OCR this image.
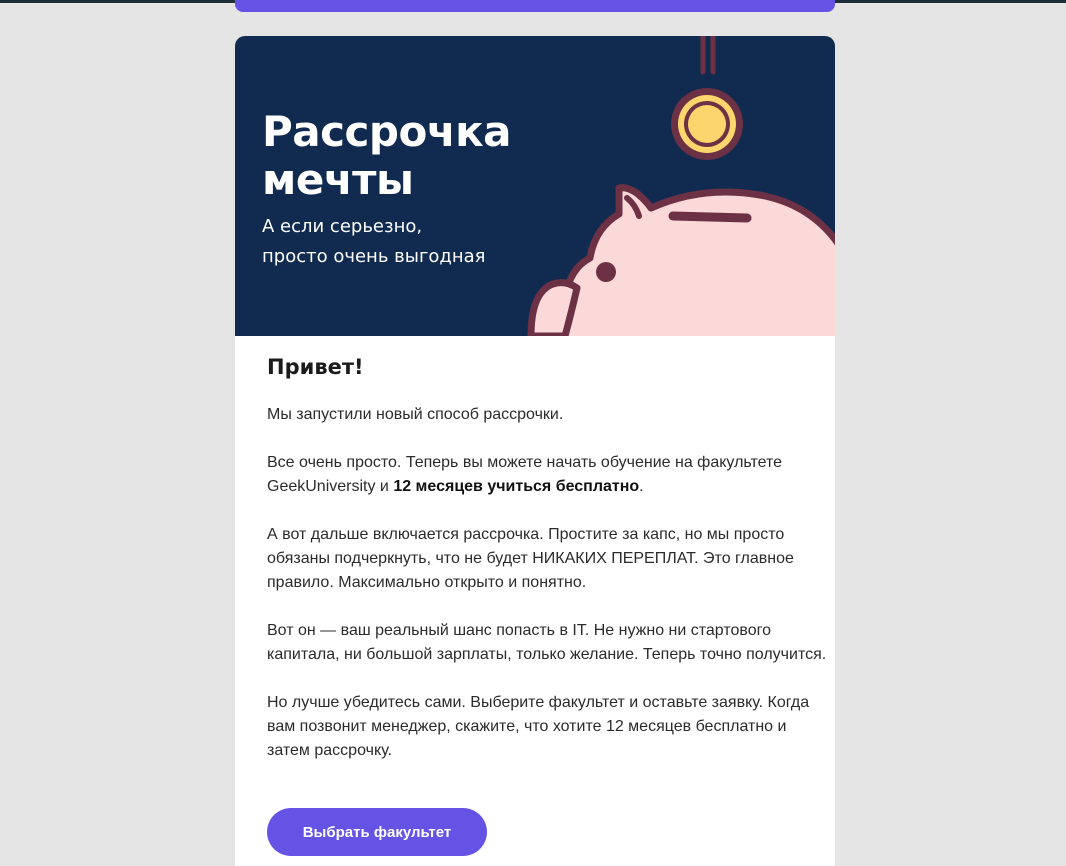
Рассрочка
мечты

А если серьезно,
просто очень выгодная

Привет!

Мы запустили новый способ рассрочки.

Все очень просто. Теперь вы можете начать обучение на факультете GeekUniversity и 12 месяцев учиться бесплатно.

А вот дальше включается рассрочка. Простите за капс, но мы просто обязаны подчеркнуть, что не будет НИКАКИХ ПЕРЕПЛАТ. Это главное правило. Максимально открыто и понятно.

Вот он — ваш реальный шанс попасть в IT. Не нужно ни стартового капитала, ни большой зарплаты, только желание. Теперь точно получится.

Но лучше убедитесь сами. Выберите факультет и оставьте заявку. Когда вам позвонит менеджер, скажите, что хотите 12 месяцев бесплатно и затем рассрочку.

Выбрать факультет
